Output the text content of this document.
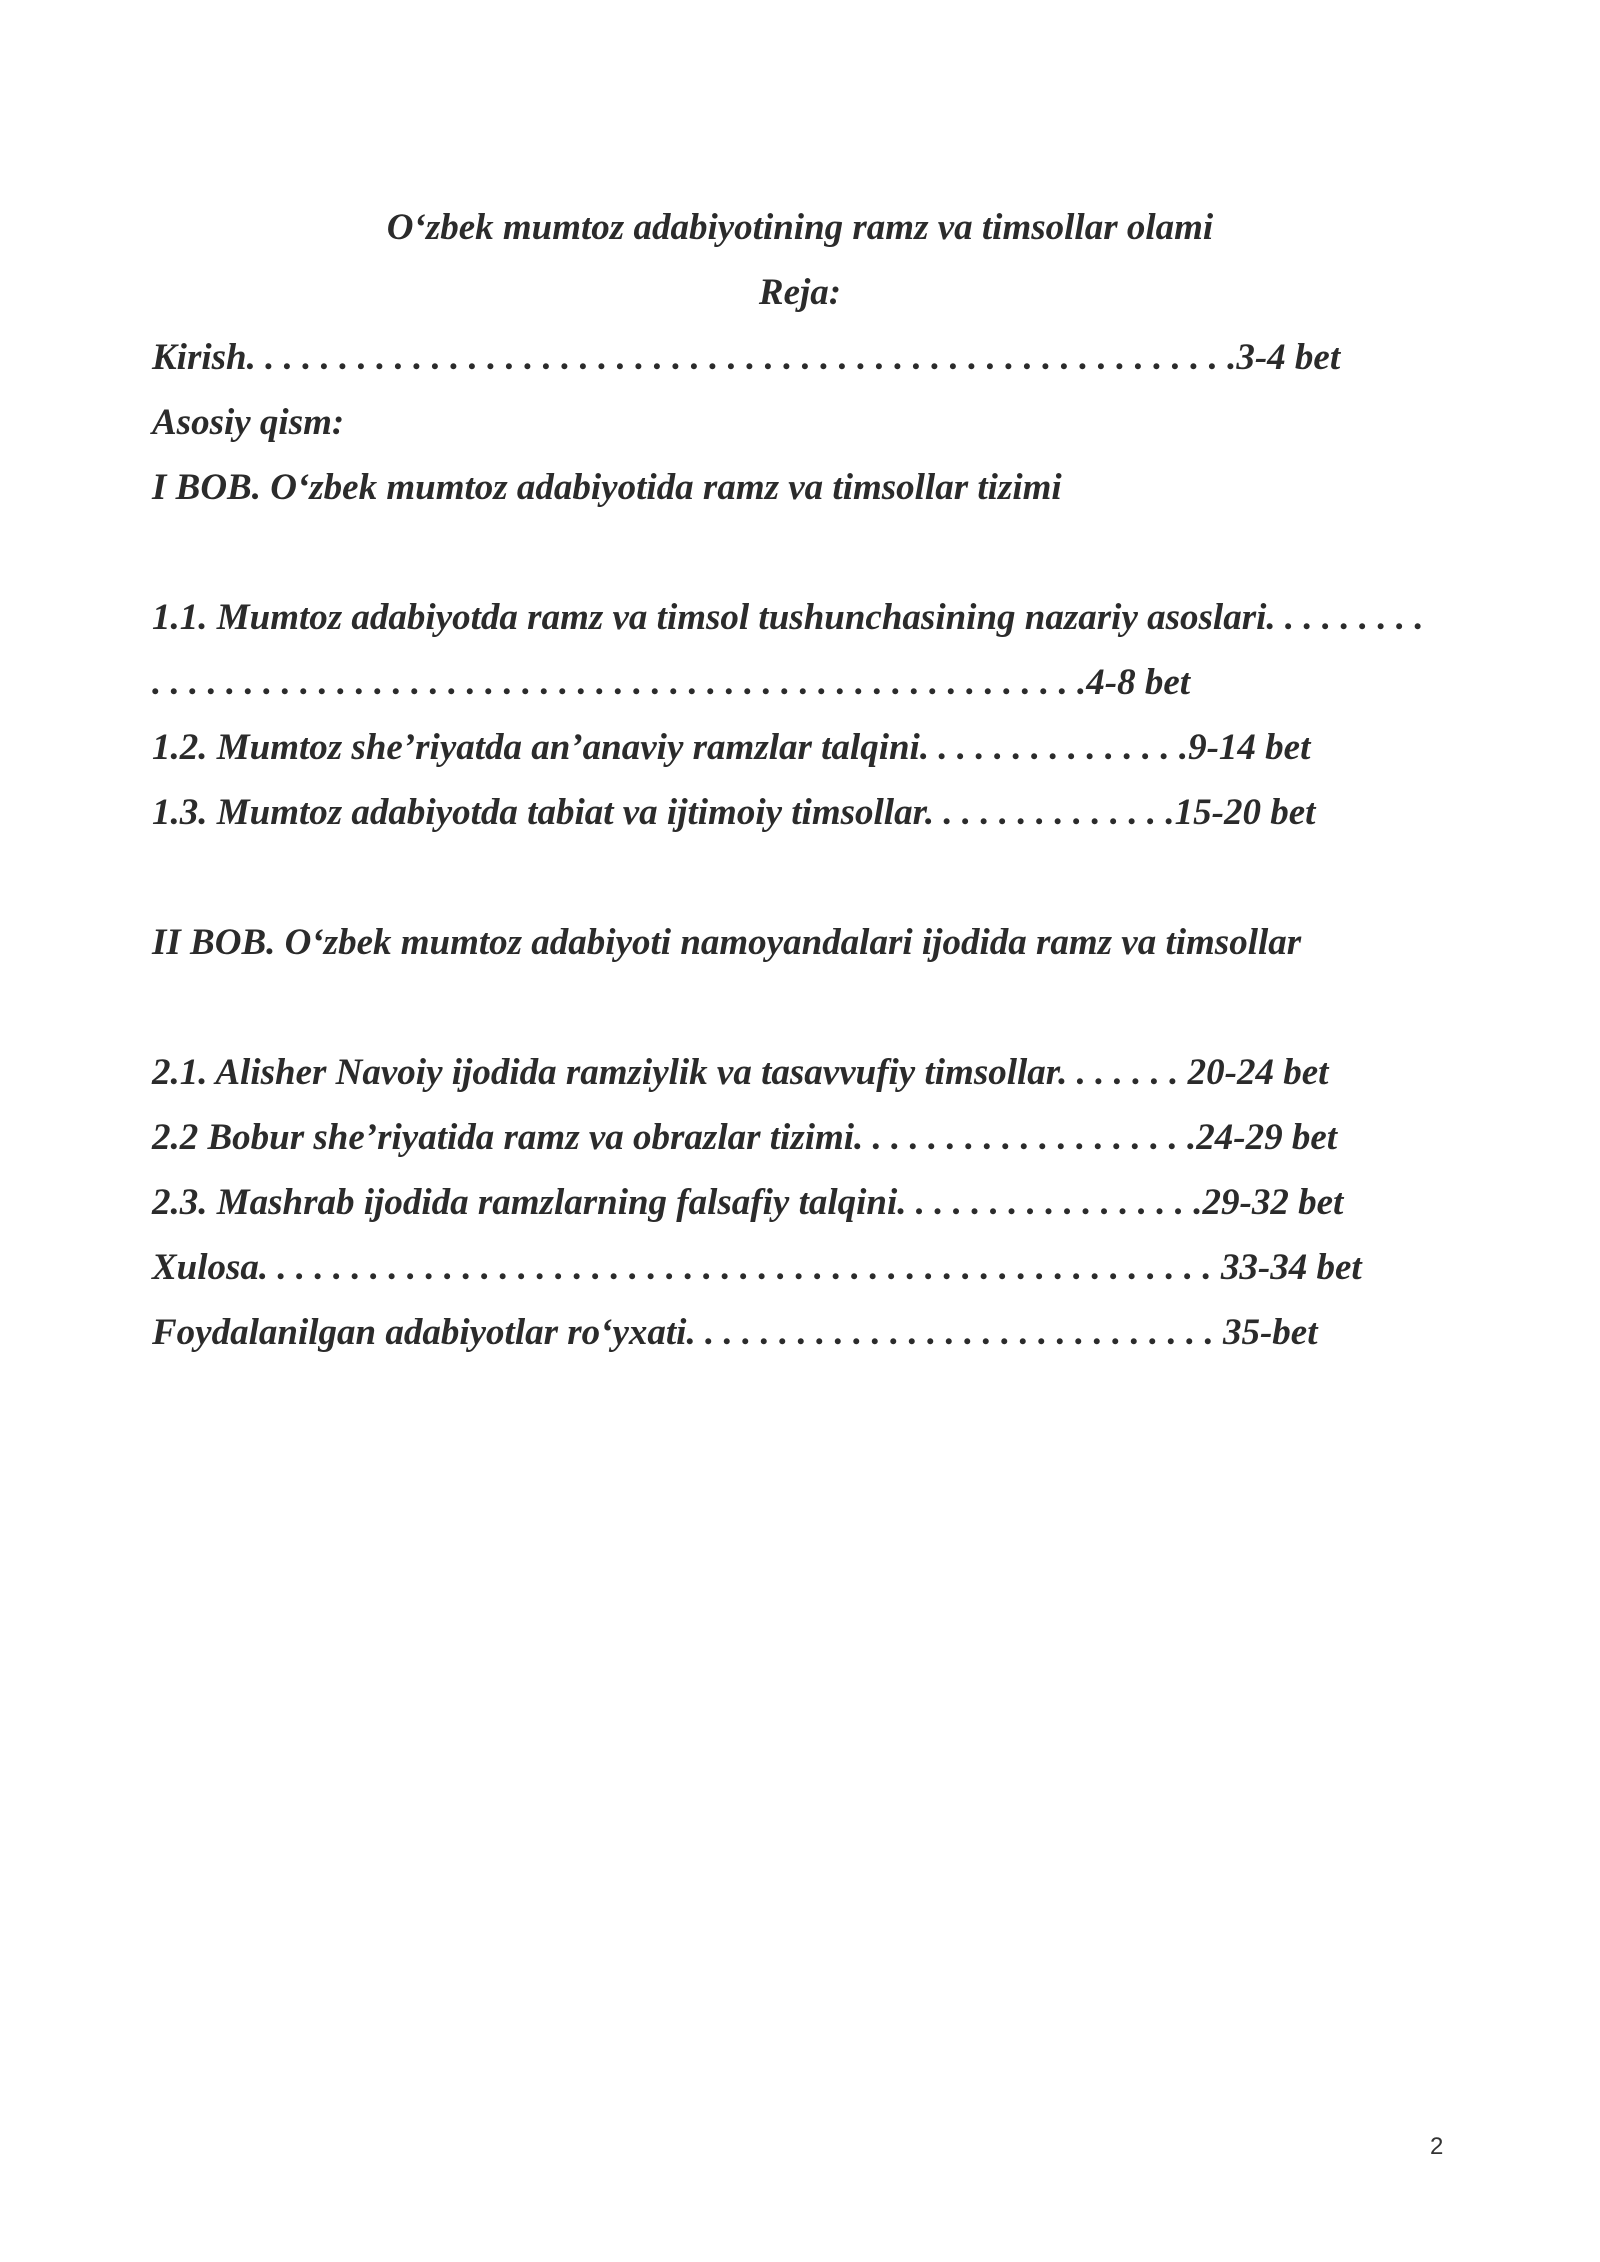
O‘zbek mumtoz adabiyotining ramz va timsollar olami
Reja:
Kirish. . . . . . . . . . . . . . . . . . . . . . . . . . . . . . . . . . . . . . . . . . . . . . . . . . . . . .3-4 bet
Asosiy qism:
I BOB. O‘zbek mumtoz adabiyotida ramz va timsollar tizimi
1.1. Mumtoz adabiyotda ramz va timsol tushunchasining nazariy asoslari. . . . . . . . .
. . . . . . . . . . . . . . . . . . . . . . . . . . . . . . . . . . . . . . . . . . . . . . . . . . .4-8 bet
1.2. Mumtoz she’riyatda an’anaviy ramzlar talqini. . . . . . . . . . . . . . .9-14 bet
1.3. Mumtoz adabiyotda tabiat va ijtimoiy timsollar. . . . . . . . . . . . . .15-20 bet
II BOB. O‘zbek mumtoz adabiyoti namoyandalari ijodida ramz va timsollar
2.1. Alisher Navoiy ijodida ramziylik va tasavvufiy timsollar. . . . . . . 20-24 bet
2.2 Bobur she’riyatida ramz va obrazlar tizimi. . . . . . . . . . . . . . . . . . .24-29 bet
2.3. Mashrab ijodida ramzlarning falsafiy talqini. . . . . . . . . . . . . . . . .29-32 bet
Xulosa. . . . . . . . . . . . . . . . . . . . . . . . . . . . . . . . . . . . . . . . . . . . . . . . . . . . 33-34 bet
Foydalanilgan adabiyotlar ro‘yxati. . . . . . . . . . . . . . . . . . . . . . . . . . . . . 35-bet
2
